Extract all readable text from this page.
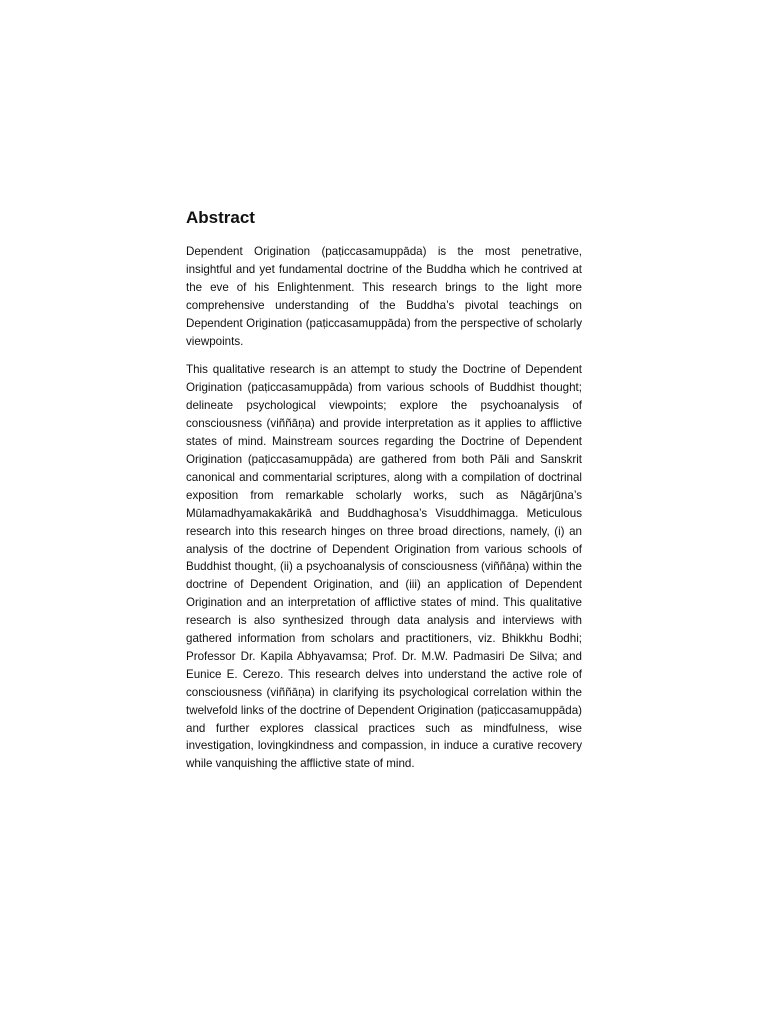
Abstract

Dependent Origination (paṭiccasamuppāda) is the most penetrative, insightful and yet fundamental doctrine of the Buddha which he contrived at the eve of his Enlightenment. This research brings to the light more comprehensive understanding of the Buddha’s pivotal teachings on Dependent Origination (paṭiccasamuppāda) from the perspective of scholarly viewpoints.

This qualitative research is an attempt to study the Doctrine of Dependent Origination (paṭiccasamuppāda) from various schools of Buddhist thought; delineate psychological viewpoints; explore the psychoanalysis of consciousness (viññāṇa) and provide interpretation as it applies to afflictive states of mind. Mainstream sources regarding the Doctrine of Dependent Origination (paṭiccasamuppāda) are gathered from both Pāli and Sanskrit canonical and commentarial scriptures, along with a compilation of doctrinal exposition from remarkable scholarly works, such as Nāgārjūna’s Mūlamadhyamakakārikā and Buddhaghosa’s Visuddhimagga. Meticulous research into this research hinges on three broad directions, namely, (i) an analysis of the doctrine of Dependent Origination from various schools of Buddhist thought, (ii) a psychoanalysis of consciousness (viññāṇa) within the doctrine of Dependent Origination, and (iii) an application of Dependent Origination and an interpretation of afflictive states of mind. This qualitative research is also synthesized through data analysis and interviews with gathered information from scholars and practitioners, viz. Bhikkhu Bodhi; Professor Dr. Kapila Abhyavamsa; Prof. Dr. M.W. Padmasiri De Silva; and Eunice E. Cerezo. This research delves into understand the active role of consciousness (viññāṇa) in clarifying its psychological correlation within the twelvefold links of the doctrine of Dependent Origination (paṭiccasamuppāda) and further explores classical practices such as mindfulness, wise investigation, lovingkindness and compassion, in induce a curative recovery while vanquishing the afflictive state of mind.
